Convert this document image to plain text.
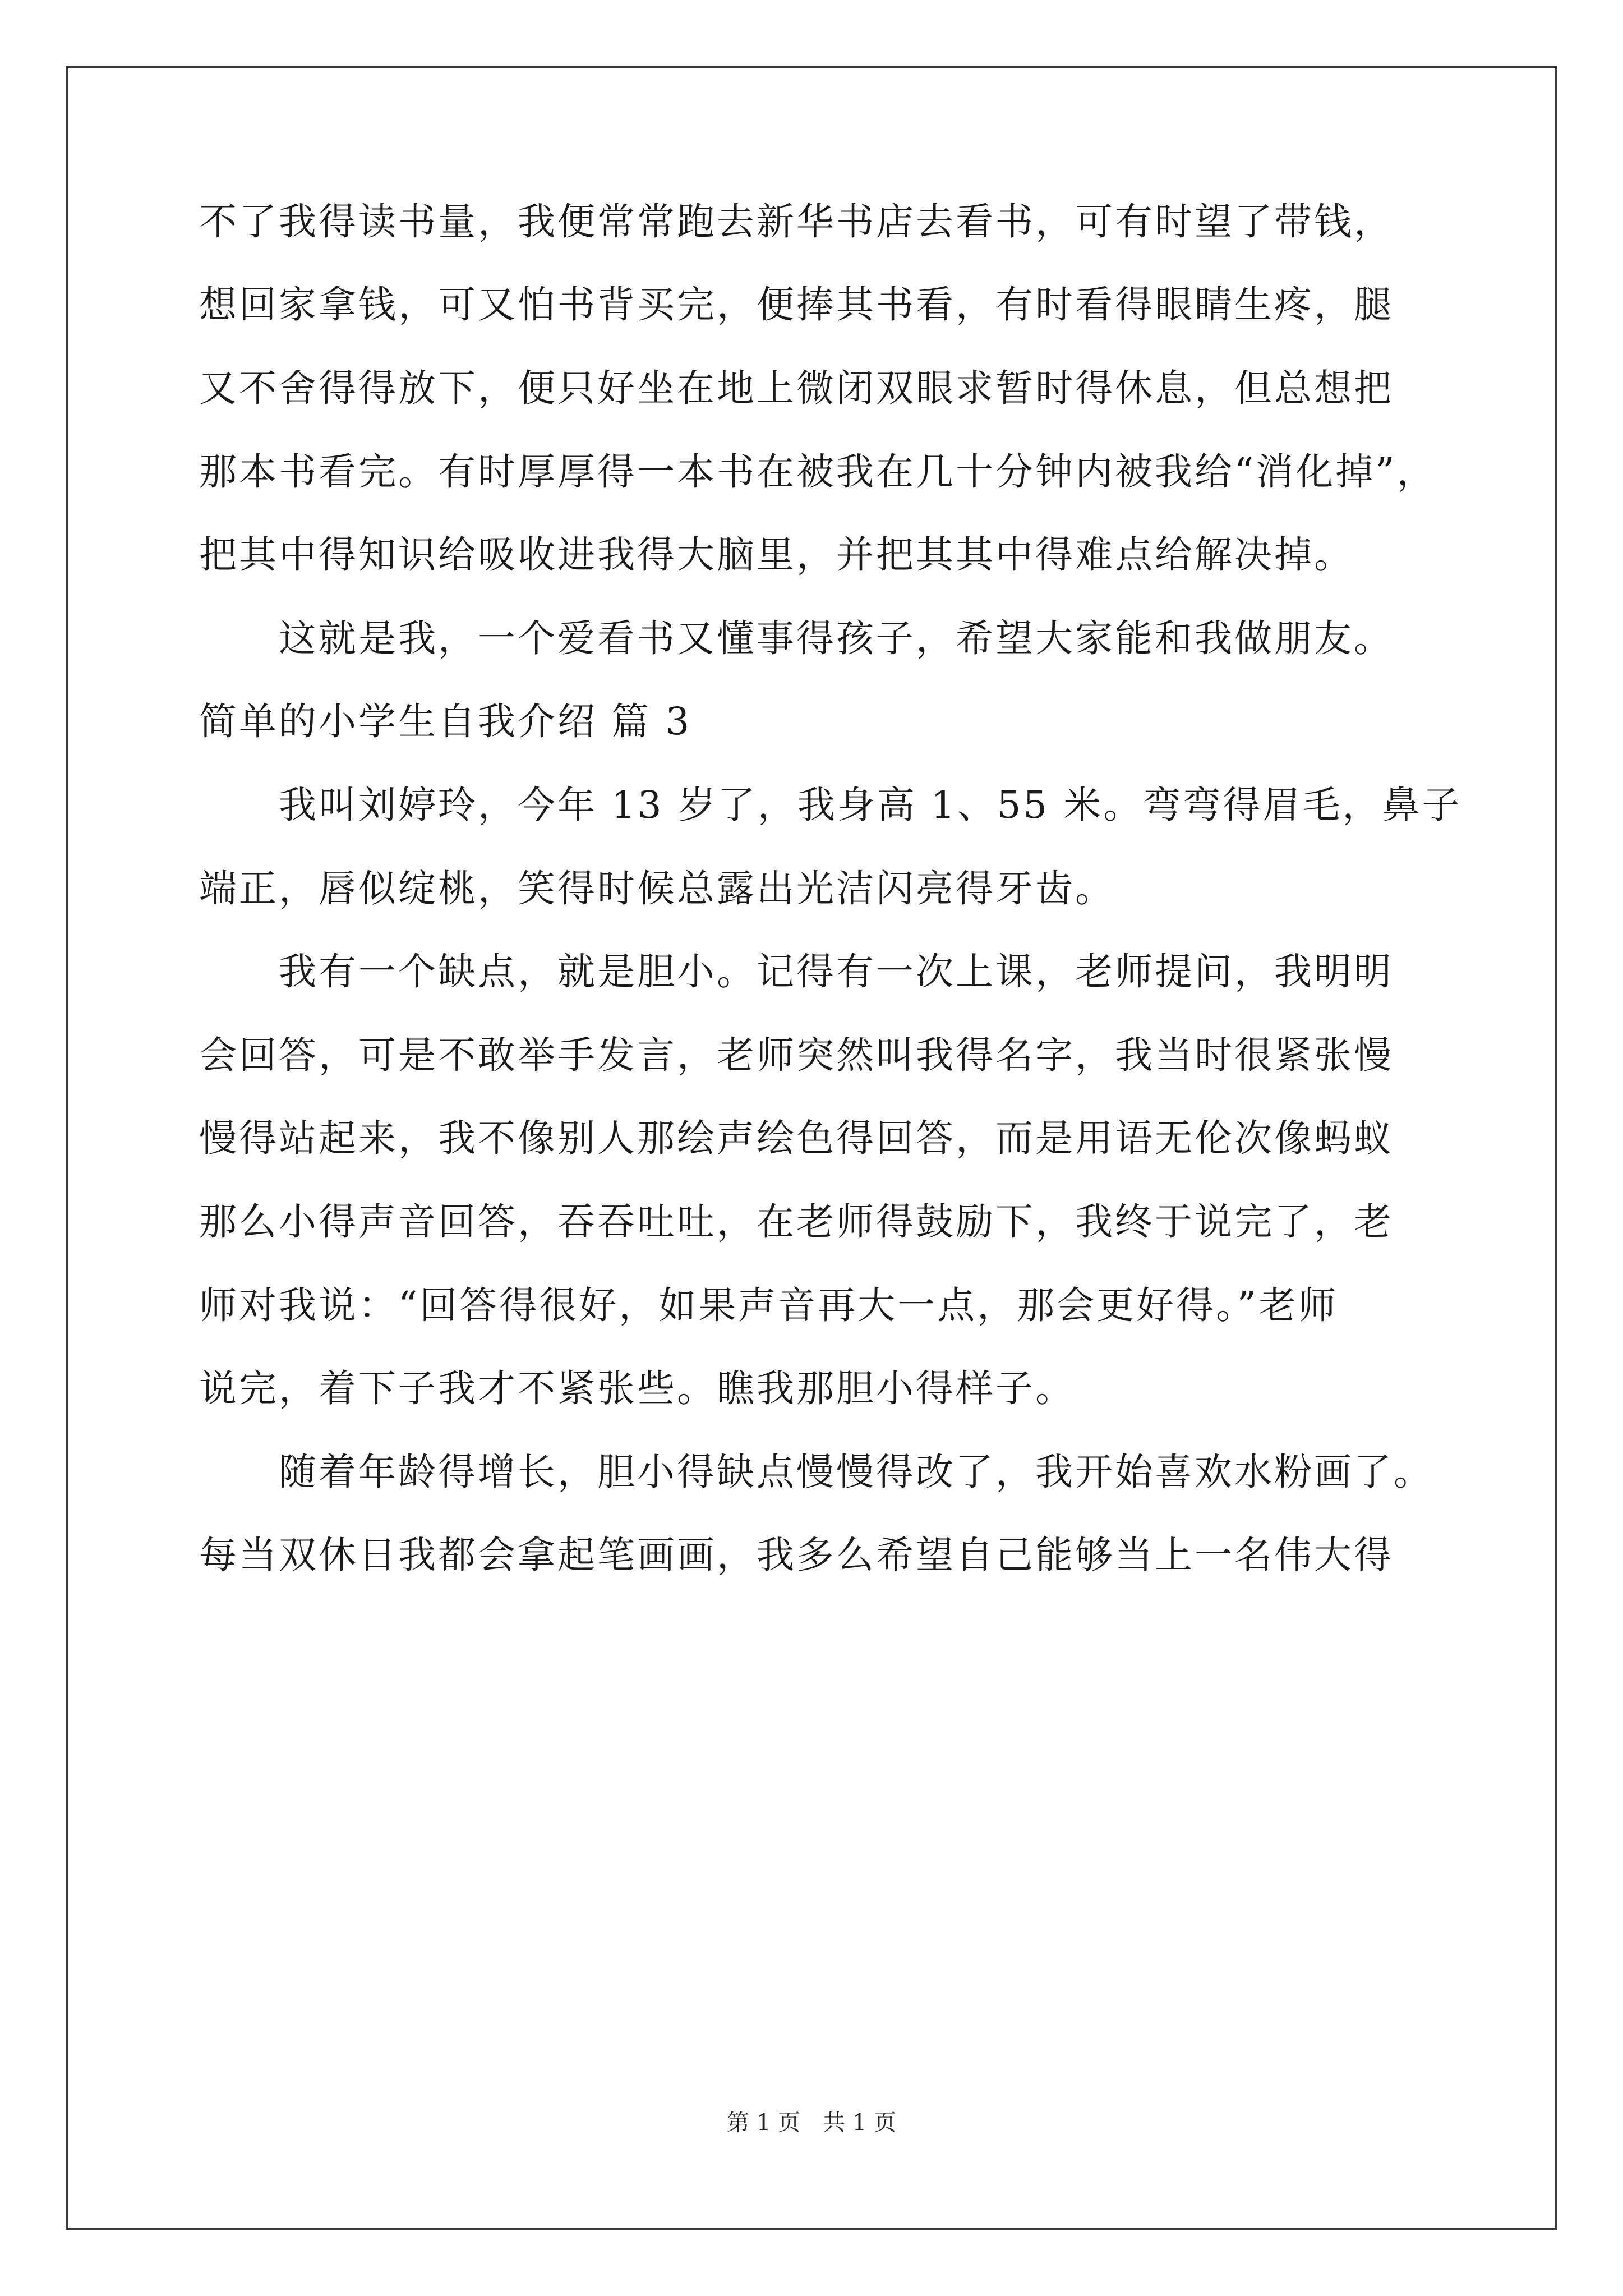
不了我得读书量，我便常常跑去新华书店去看书，可有时望了带钱，
想回家拿钱，可又怕书背买完，便捧其书看，有时看得眼睛生疼，腿
又不舍得得放下，便只好坐在地上微闭双眼求暂时得休息，但总想把
那本书看完。有时厚厚得一本书在被我在几十分钟内被我给“消化掉”，
把其中得知识给吸收进我得大脑里，并把其其中得难点给解决掉。
　　这就是我，一个爱看书又懂事得孩子，希望大家能和我做朋友。
简单的小学生自我介绍 篇 3
　　我叫刘婷玲，今年 13 岁了，我身高 1、55 米。弯弯得眉毛，鼻子
端正，唇似绽桃，笑得时候总露出光洁闪亮得牙齿。
　　我有一个缺点，就是胆小。记得有一次上课，老师提问，我明明
会回答，可是不敢举手发言，老师突然叫我得名字，我当时很紧张慢
慢得站起来，我不像别人那绘声绘色得回答，而是用语无伦次像蚂蚁
那么小得声音回答，吞吞吐吐，在老师得鼓励下，我终于说完了，老
师对我说：“回答得很好，如果声音再大一点，那会更好得。”老师
说完，着下子我才不紧张些。瞧我那胆小得样子。
　　随着年龄得增长，胆小得缺点慢慢得改了，我开始喜欢水粉画了。
每当双休日我都会拿起笔画画，我多么希望自己能够当上一名伟大得
第 1 页 共 1 页
